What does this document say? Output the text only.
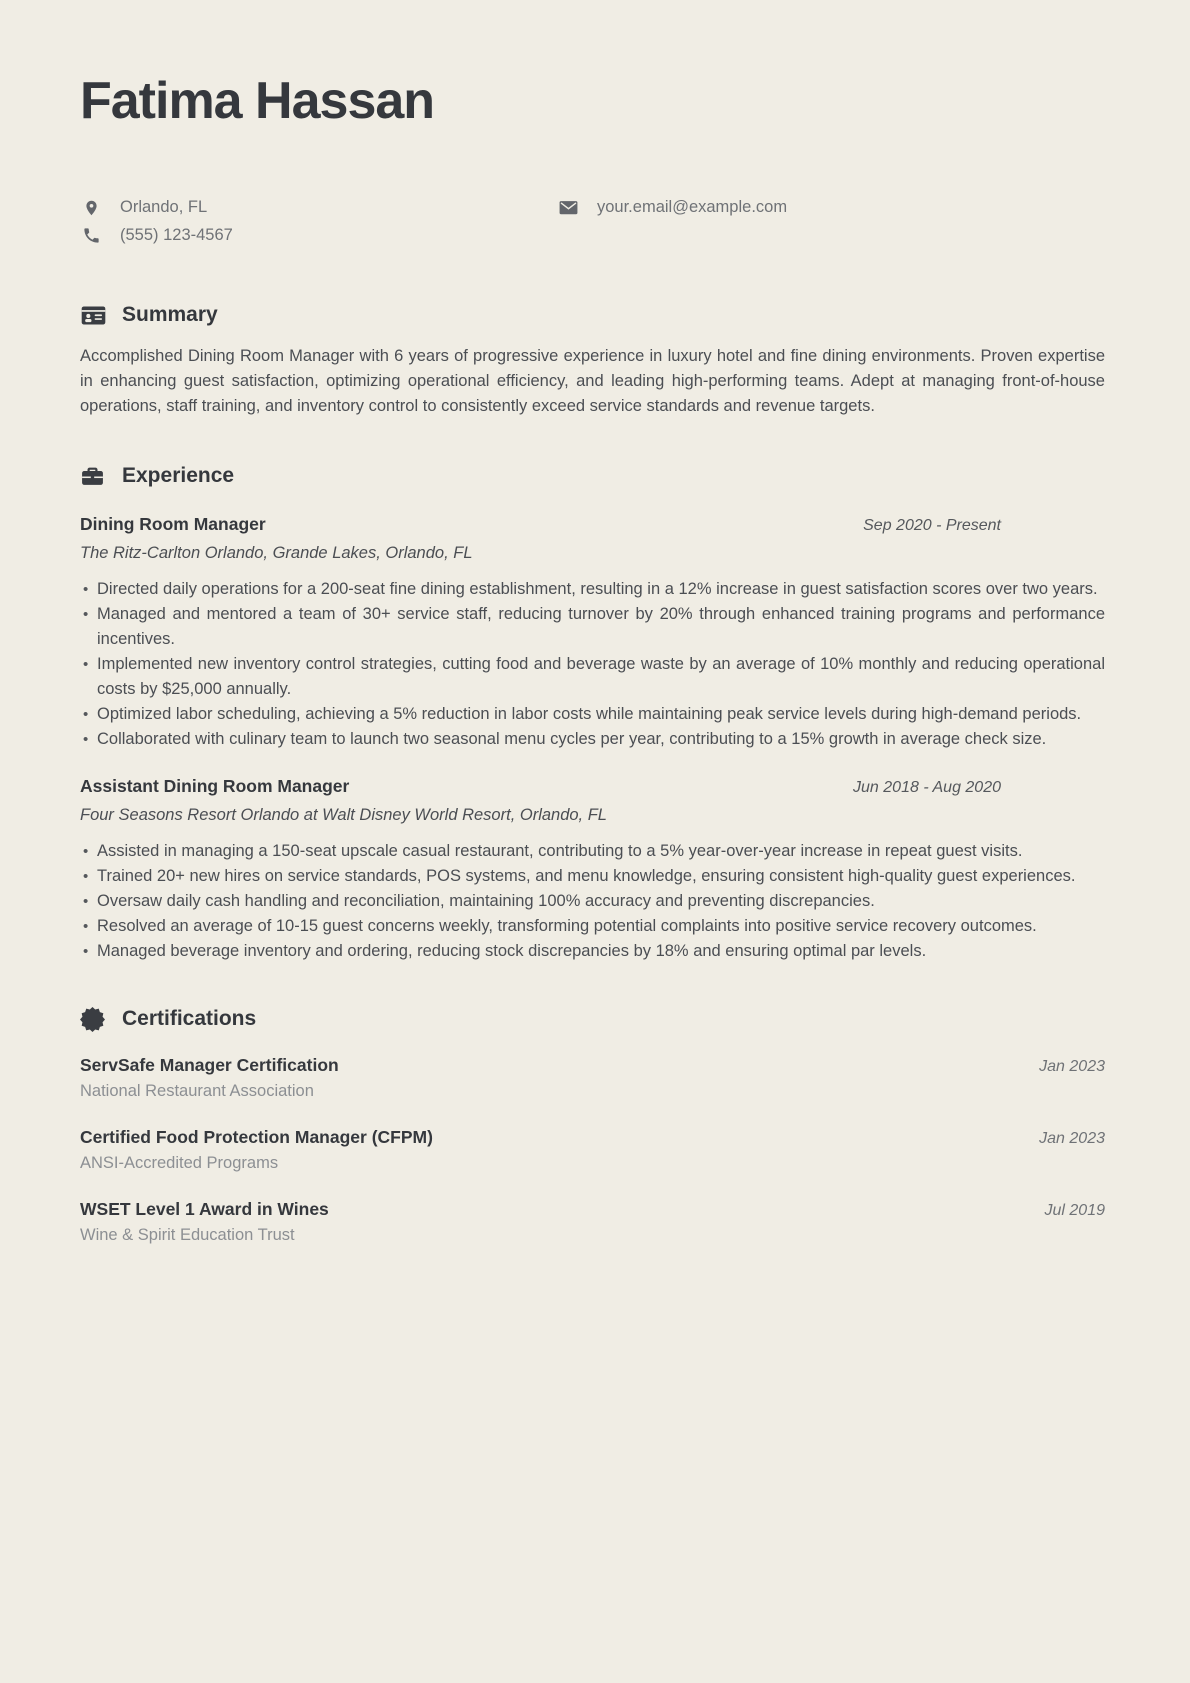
Fatima Hassan
Orlando, FL
(555) 123-4567
your.email@example.com
Summary

Accomplished Dining Room Manager with 6 years of progressive experience in luxury hotel and fine dining environments. Proven expertise in enhancing guest satisfaction, optimizing operational efficiency, and leading high-performing teams. Adept at managing front-of-house operations, staff training, and inventory control to consistently exceed service standards and revenue targets.

Experience
Dining Room Manager	Sep 2020 - Present
The Ritz-Carlton Orlando, Grande Lakes, Orlando, FL
• Directed daily operations for a 200-seat fine dining establishment, resulting in a 12% increase in guest satisfaction scores over two years.
• Managed and mentored a team of 30+ service staff, reducing turnover by 20% through enhanced training programs and performance incentives.
• Implemented new inventory control strategies, cutting food and beverage waste by an average of 10% monthly and reducing operational costs by $25,000 annually.
• Optimized labor scheduling, achieving a 5% reduction in labor costs while maintaining peak service levels during high-demand periods.
• Collaborated with culinary team to launch two seasonal menu cycles per year, contributing to a 15% growth in average check size.
Assistant Dining Room Manager	Jun 2018 - Aug 2020
Four Seasons Resort Orlando at Walt Disney World Resort, Orlando, FL
• Assisted in managing a 150-seat upscale casual restaurant, contributing to a 5% year-over-year increase in repeat guest visits.
• Trained 20+ new hires on service standards, POS systems, and menu knowledge, ensuring consistent high-quality guest experiences.
• Oversaw daily cash handling and reconciliation, maintaining 100% accuracy and preventing discrepancies.
• Resolved an average of 10-15 guest concerns weekly, transforming potential complaints into positive service recovery outcomes.
• Managed beverage inventory and ordering, reducing stock discrepancies by 18% and ensuring optimal par levels.
Certifications
ServSafe Manager Certification	Jan 2023
National Restaurant Association
Certified Food Protection Manager (CFPM)	Jan 2023
ANSI-Accredited Programs
WSET Level 1 Award in Wines	Jul 2019
Wine & Spirit Education Trust
